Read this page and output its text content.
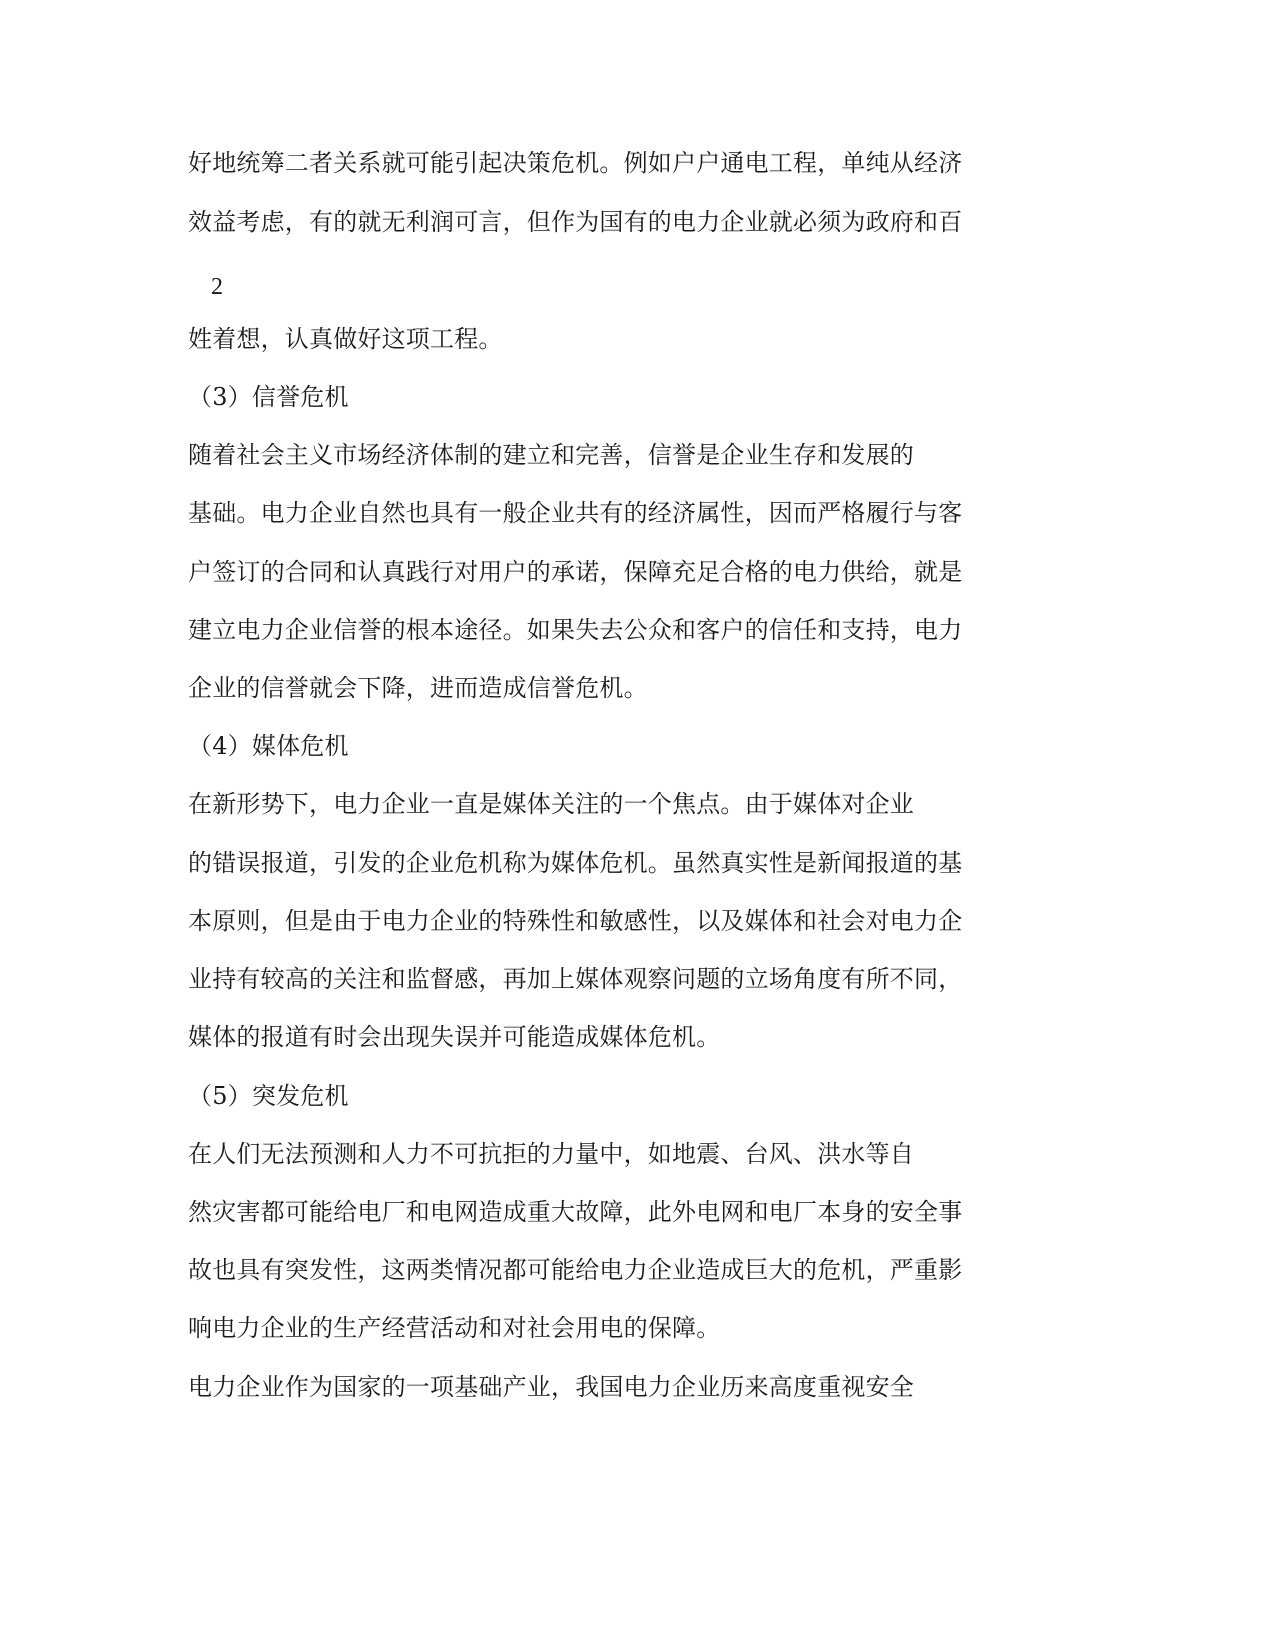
好地统筹二者关系就可能引起决策危机。例如户户通电工程，单纯从经济
效益考虑，有的就无利润可言，但作为国有的电力企业就必须为政府和百
2
姓着想，认真做好这项工程。
（3）信誉危机
随着社会主义市场经济体制的建立和完善，信誉是企业生存和发展的
基础。电力企业自然也具有一般企业共有的经济属性，因而严格履行与客
户签订的合同和认真践行对用户的承诺，保障充足合格的电力供给，就是
建立电力企业信誉的根本途径。如果失去公众和客户的信任和支持，电力
企业的信誉就会下降，进而造成信誉危机。
（4）媒体危机
在新形势下，电力企业一直是媒体关注的一个焦点。由于媒体对企业
的错误报道，引发的企业危机称为媒体危机。虽然真实性是新闻报道的基
本原则，但是由于电力企业的特殊性和敏感性，以及媒体和社会对电力企
业持有较高的关注和监督感，再加上媒体观察问题的立场角度有所不同，
媒体的报道有时会出现失误并可能造成媒体危机。
（5）突发危机
在人们无法预测和人力不可抗拒的力量中，如地震、台风、洪水等自
然灾害都可能给电厂和电网造成重大故障，此外电网和电厂本身的安全事
故也具有突发性，这两类情况都可能给电力企业造成巨大的危机，严重影
响电力企业的生产经营活动和对社会用电的保障。
电力企业作为国家的一项基础产业，我国电力企业历来高度重视安全
